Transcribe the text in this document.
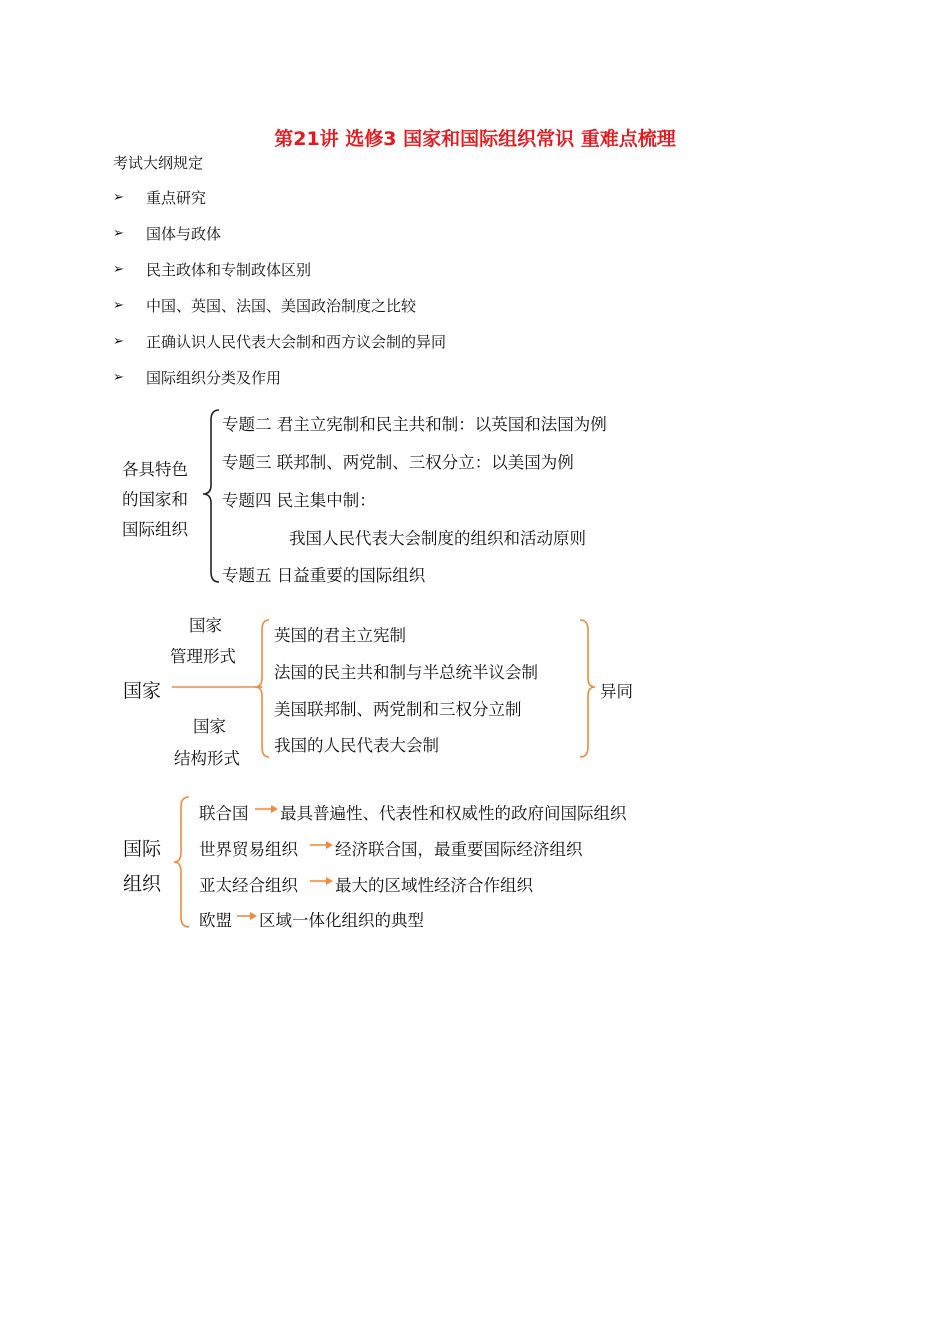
第21讲 选修3 国家和国际组织常识 重难点梳理
考试大纲规定
➢	重点研究
➢	国体与政体
➢	民主政体和专制政体区别
➢	中国、英国、法国、美国政治制度之比较
➢	正确认识人民代表大会制和西方议会制的异同
➢	国际组织分类及作用
各具特色
的国家和
国际组织
专题二 君主立宪制和民主共和制：以英国和法国为例
专题三 联邦制、两党制、三权分立：以美国为例
专题四 民主集中制：
我国人民代表大会制度的组织和活动原则
专题五 日益重要的国际组织
国家
国家
管理形式
国家
结构形式
英国的君主立宪制
法国的民主共和制与半总统半议会制
美国联邦制、两党制和三权分立制
我国的人民代表大会制
异同
国际
组织
联合国 最具普遍性、代表性和权威性的政府间国际组织
世界贸易组织 经济联合国，最重要国际经济组织
亚太经合组织 最大的区域性经济合作组织
欧盟 区域一体化组织的典型
